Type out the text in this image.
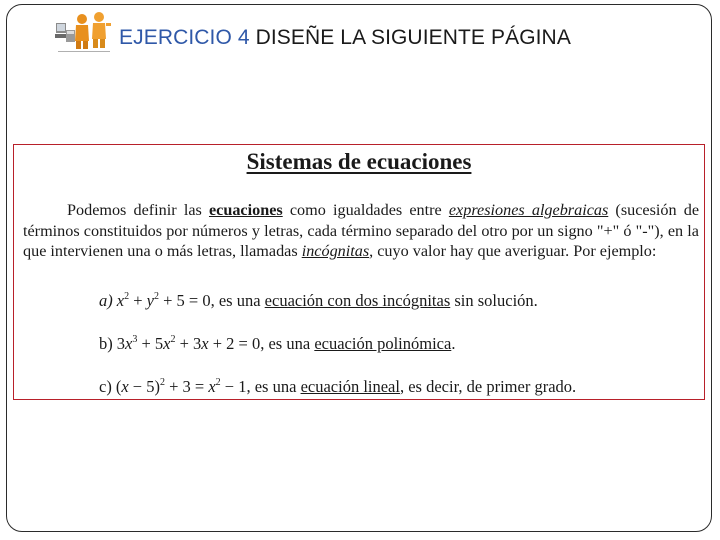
EJERCICIO 4 DISEÑE LA SIGUIENTE PÁGINA
Sistemas de ecuaciones

Podemos definir las ecuaciones como igualdades entre expresiones algebraicas (sucesión de términos constituidos por números y letras, cada término separado del otro por un signo "+" ó "-"), en la que intervienen una o más letras, llamadas incógnitas, cuyo valor hay que averiguar. Por ejemplo:

a) $x^2 + y^2 + 5 = 0$, es una ecuación con dos incógnitas sin solución.

b) $3x^3 + 5x^2 + 3x + 2 = 0$, es una ecuación polinómica.

c) $(x - 5)^2 + 3 = x^2 - 1$, es una ecuación lineal, es decir, de primer grado.
